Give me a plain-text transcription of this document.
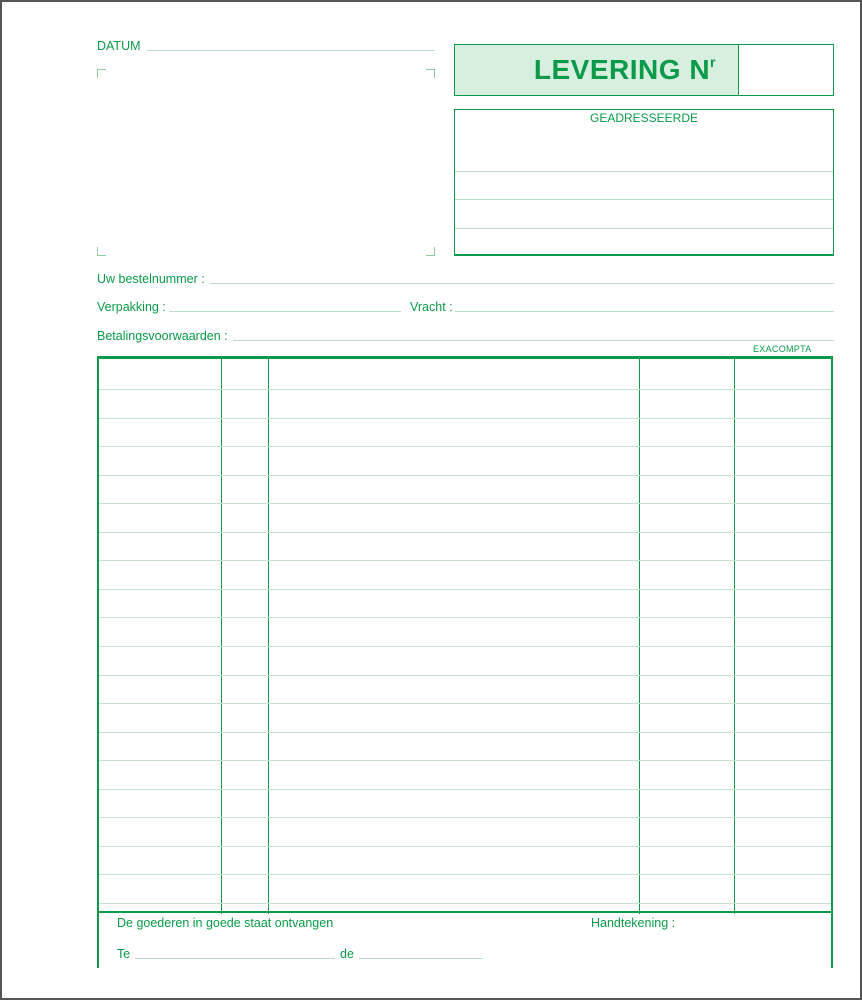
DATUM
LEVERING $N^r$
GEADRESSEERDE
Uw bestelnummer :
Verpakking :	Vracht :
Betalingsvoorwaarden :
EXACOMPTA
De goederen in goede staat ontvangen	Handtekening :
Te	de
